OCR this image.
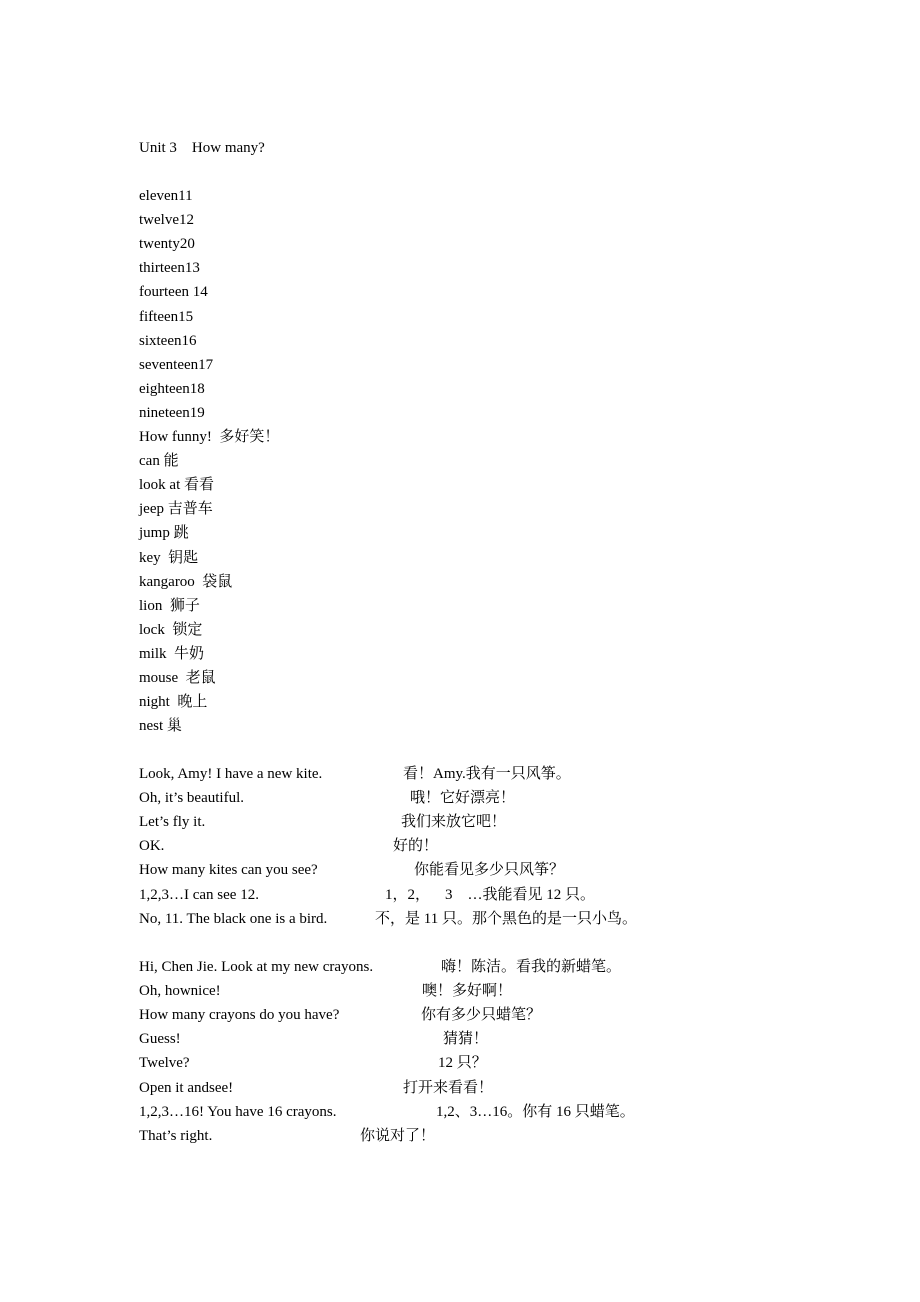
Unit 3    How many?
eleven11
twelve12
twenty20
thirteen13
fourteen 14
fifteen15
sixteen16
seventeen17
eighteen18
nineteen19
How funny!  多好笑！
can 能
look at 看看
jeep 吉普车
jump 跳
key  钥匙
kangaroo  袋鼠
lion  狮子
lock  锁定
milk  牛奶
mouse  老鼠
night  晚上
nest 巢
Look, Amy! I have a new kite.	看！Amy.我有一只风筝。
Oh, it’s beautiful.	哦！它好漂亮！
Let’s fly it.	我们来放它吧！
OK.	好的！
How many kites can you see?	你能看见多少只风筝？
1,2,3…I can see 12.	1，2，    3    …我能看见 12 只。
No, 11. The black one is a bird.	不，是 11 只。那个黑色的是一只小鸟。
Hi, Chen Jie. Look at my new crayons.	嗨！陈洁。看我的新蜡笔。
Oh, hownice!	噢！多好啊！
How many crayons do you have?	你有多少只蜡笔？
Guess!	猜猜！
Twelve?	12 只？
Open it andsee!	打开来看看！
1,2,3…16! You have 16 crayons.	1,2、3…16。你有 16 只蜡笔。
That’s right.	你说对了！
